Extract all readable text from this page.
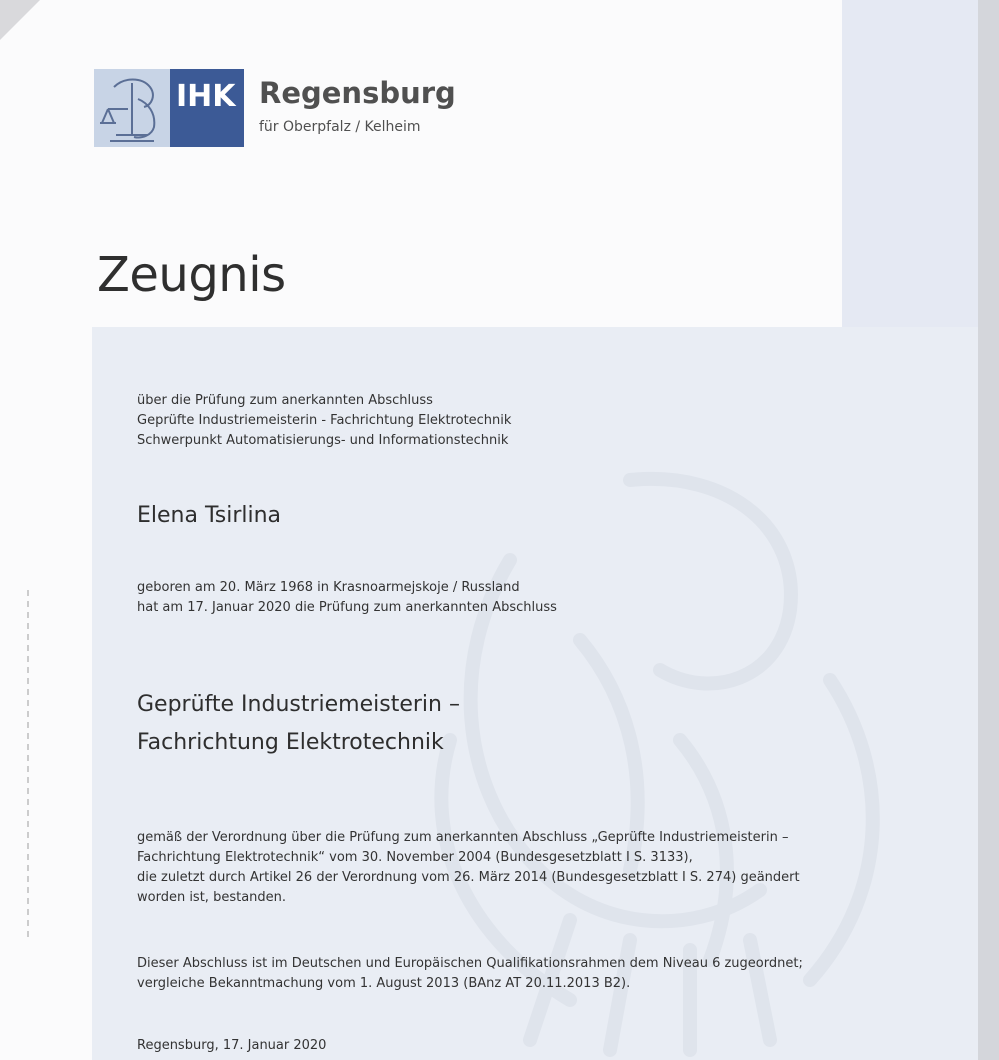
IHK Regensburg
für Oberpfalz / Kelheim
Zeugnis
über die Prüfung zum anerkannten Abschluss
Geprüfte Industriemeisterin - Fachrichtung Elektrotechnik
Schwerpunkt Automatisierungs- und Informationstechnik
Elena Tsirlina
geboren am 20. März 1968 in Krasnoarmejskoje / Russland
hat am 17. Januar 2020 die Prüfung zum anerkannten Abschluss
Geprüfte Industriemeisterin –
Fachrichtung Elektrotechnik
gemäß der Verordnung über die Prüfung zum anerkannten Abschluss „Geprüfte Industriemeisterin –
Fachrichtung Elektrotechnik“ vom 30. November 2004 (Bundesgesetzblatt I S. 3133),
die zuletzt durch Artikel 26 der Verordnung vom 26. März 2014 (Bundesgesetzblatt I S. 274) geändert
worden ist, bestanden.
Dieser Abschluss ist im Deutschen und Europäischen Qualifikationsrahmen dem Niveau 6 zugeordnet;
vergleiche Bekanntmachung vom 1. August 2013 (BAnz AT 20.11.2013 B2).
Regensburg, 17. Januar 2020
